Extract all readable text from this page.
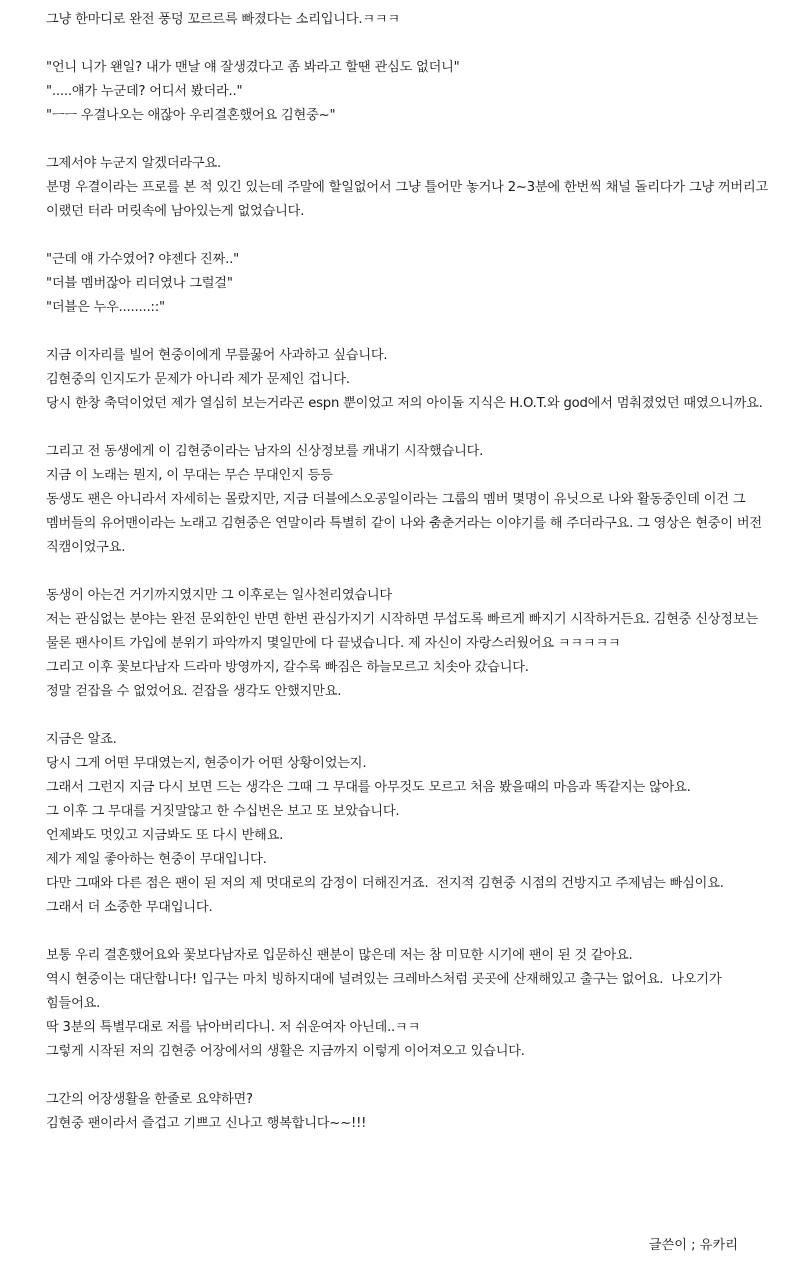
그냥 한마디로 완전 풍덩 꼬르르륵 빠졌다는 소리입니다.ㅋㅋㅋ
"언니 니가 왠일? 내가 맨날 얘 잘생겼다고 좀 봐라고 할땐 관심도 없더니"
".....얘가 누군데? 어디서 봤더라.."
"ㅡㅡ 우결나오는 애잖아 우리결혼했어요 김현중~"
그제서야 누군지 알겠더라구요.
분명 우결이라는 프로를 본 적 있긴 있는데 주말에 할일없어서 그냥 틀어만 놓거나 2~3분에 한번씩 채널 돌리다가 그냥 꺼버리고 이랬던 터라 머릿속에 남아있는게 없었습니다.
"근데 얘 가수였어? 야젠다 진짜.."
"더블 멤버잖아 리더였나 그럴걸"
"더블은 누우........::"
지금 이자리를 빌어 현중이에게 무릎꿇어 사과하고 싶습니다.
김현중의 인지도가 문제가 아니라 제가 문제인 겁니다.
당시 한창 축덕이었던 제가 열심히 보는거라곤 espn 뿐이었고 저의 아이돌 지식은 H.O.T.와 god에서 멈춰졌었던 때였으니까요.
그리고 전 동생에게 이 김현중이라는 남자의 신상정보를 캐내기 시작했습니다.
지금 이 노래는 뭔지, 이 무대는 무슨 무대인지 등등
동생도 팬은 아니라서 자세히는 몰랐지만, 지금 더블에스오공일이라는 그룹의 멤버 몇명이 유닛으로 나와 활동중인데 이건 그 멤버들의 유어맨이라는 노래고 김현중은 연말이라 특별히 같이 나와 춤춘거라는 이야기를 해 주더라구요. 그 영상은 현중이 버전 직캠이었구요.
동생이 아는건 거기까지였지만 그 이후로는 일사천리였습니다
저는 관심없는 분야는 완전 문외한인 반면 한번 관심가지기 시작하면 무섭도록 빠르게 빠지기 시작하거든요. 김현중 신상정보는 물론 팬사이트 가입에 분위기 파악까지 몇일만에 다 끝냈습니다. 제 자신이 자랑스러웠어요 ㅋㅋㅋㅋㅋ
그리고 이후 꽃보다남자 드라마 방영까지, 갈수록 빠짐은 하늘모르고 치솟아 갔습니다.
정말 걷잡을 수 없었어요. 걷잡을 생각도 안했지만요.
지금은 알죠.
당시 그게 어떤 무대였는지, 현중이가 어떤 상황이었는지.
그래서 그런지 지금 다시 보면 드는 생각은 그때 그 무대를 아무것도 모르고 처음 봤을때의 마음과 똑같지는 않아요.
그 이후 그 무대를 거짓말않고 한 수십번은 보고 또 보았습니다.
언제봐도 멋있고 지금봐도 또 다시 반해요.
제가 제일 좋아하는 현중이 무대입니다.
다만 그때와 다른 점은 팬이 된 저의 제 멋대로의 감정이 더해진거죠.  전지적 김현중 시점의 건방지고 주제넘는 빠심이요.
그래서 더 소중한 무대입니다.
보통 우리 결혼했어요와 꽃보다남자로 입문하신 팬분이 많은데 저는 참 미묘한 시기에 팬이 된 것 같아요.
역시 현중이는 대단합니다! 입구는 마치 빙하지대에 널려있는 크레바스처럼 곳곳에 산재해있고 출구는 없어요.  나오기가 힘들어요.
딱 3분의 특별무대로 저를 낚아버리다니. 저 쉬운여자 아닌데..ㅋㅋ
그렇게 시작된 저의 김현중 어장에서의 생활은 지금까지 이렇게 이어져오고 있습니다.
그간의 어장생활을 한줄로 요약하면?
김현중 팬이라서 즐겁고 기쁘고 신나고 행복합니다~~!!!
글쓴이 ; 유카리
